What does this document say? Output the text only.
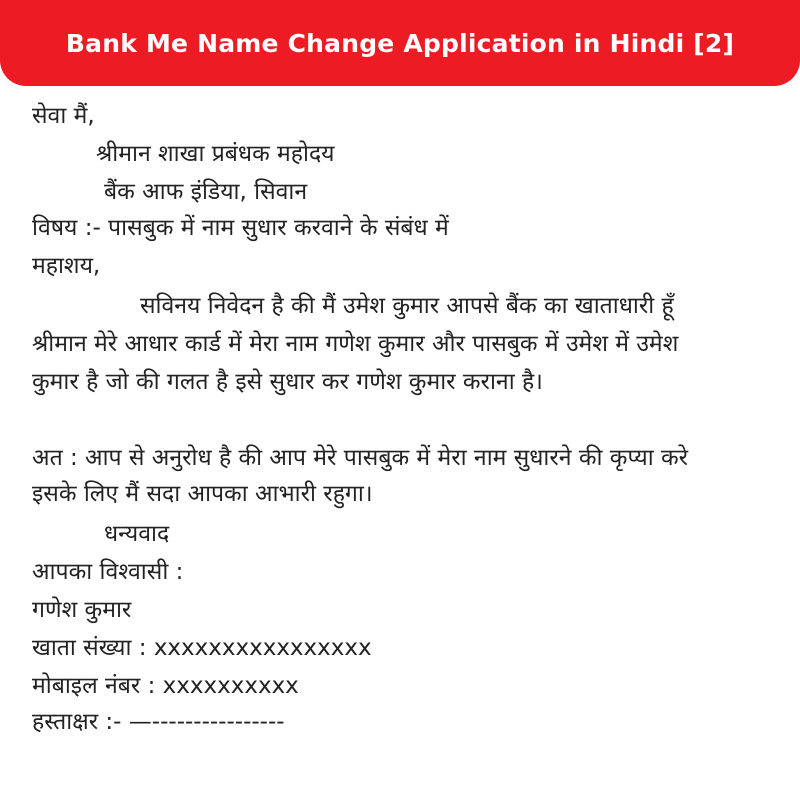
Bank Me Name Change Application in Hindi [2]
सेवा मैं,
श्रीमान शाखा प्रबंधक महोदय
बैंक आफ इंडिया, सिवान
विषय :- पासबुक में नाम सुधार करवाने के संबंध में
महाशय,
सविनय निवेदन है की मैं उमेश कुमार आपसे बैंक का खाताधारी हूँ
श्रीमान मेरे आधार कार्ड में मेरा नाम गणेश कुमार और पासबुक में उमेश में उमेश
कुमार है जो की गलत है इसे सुधार कर गणेश कुमार कराना है।
अत : आप से अनुरोध है की आप मेरे पासबुक में मेरा नाम सुधारने की कृप्या करे
इसके लिए मैं सदा आपका आभारी रहुगा।
धन्यवाद
आपका विश्वासी :
गणेश कुमार
खाता संख्या : xxxxxxxxxxxxxxxx
मोबाइल नंबर : xxxxxxxxxx
हस्ताक्षर :- —----------------
